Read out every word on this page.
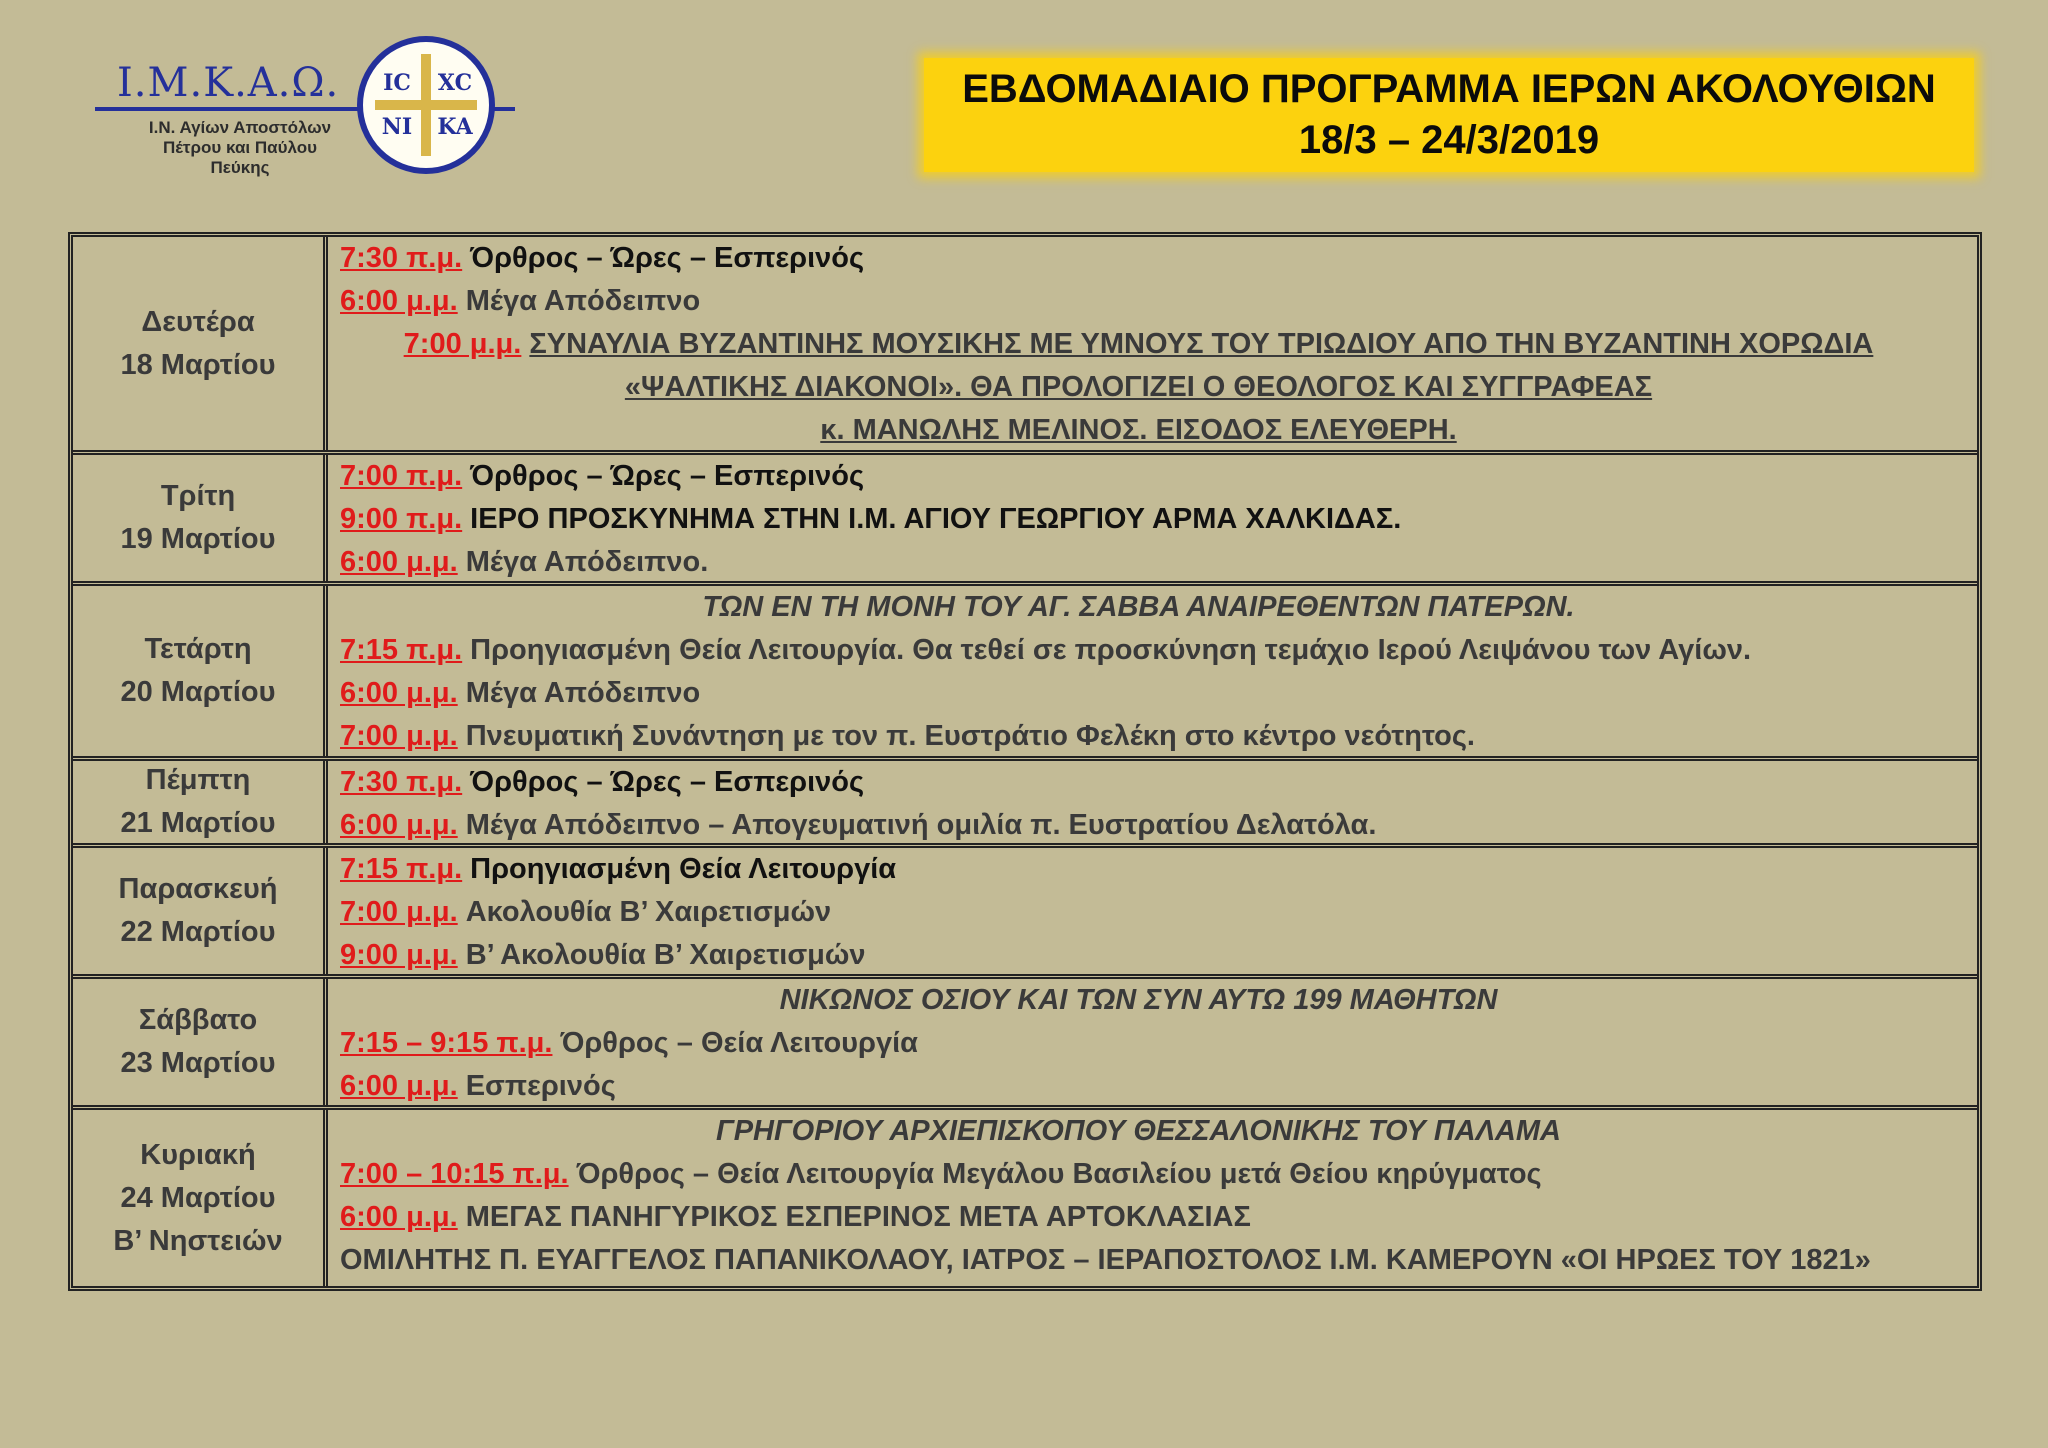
Ι.Μ.Κ.Α.Ω.
Ι.Ν. Αγίων Αποστόλων
Πέτρου και Παύλου
Πεύκης
IC XC
NI KA
ΕΒΔΟΜΑΔΙΑΙΟ ΠΡΟΓΡΑΜΜΑ ΙΕΡΩΝ ΑΚΟΛΟΥΘΙΩΝ
18/3 – 24/3/2019
Δευτέρα
18 Μαρτίου
7:30 π.μ. Όρθρος – Ώρες – Εσπερινός
6:00 μ.μ. Μέγα Απόδειπνο
7:00 μ.μ. ΣΥΝΑΥΛΙΑ ΒΥΖΑΝΤΙΝΗΣ ΜΟΥΣΙΚΗΣ ΜΕ ΥΜΝΟΥΣ ΤΟΥ ΤΡΙΩΔΙΟΥ ΑΠΟ ΤΗΝ ΒΥΖΑΝΤΙΝΗ ΧΟΡΩΔΙΑ
«ΨΑΛΤΙΚΗΣ ΔΙΑΚΟΝΟΙ». ΘΑ ΠΡΟΛΟΓΙΖΕΙ Ο ΘΕΟΛΟΓΟΣ ΚΑΙ ΣΥΓΓΡΑΦΕΑΣ
κ. ΜΑΝΩΛΗΣ ΜΕΛΙΝΟΣ. ΕΙΣΟΔΟΣ ΕΛΕΥΘΕΡΗ.
Τρίτη
19 Μαρτίου
7:00 π.μ. Όρθρος – Ώρες – Εσπερινός
9:00 π.μ. ΙΕΡΟ ΠΡΟΣΚΥΝΗΜΑ ΣΤΗΝ Ι.Μ. ΑΓΙΟΥ ΓΕΩΡΓΙΟΥ ΑΡΜΑ ΧΑΛΚΙΔΑΣ.
6:00 μ.μ. Μέγα Απόδειπνο.
Τετάρτη
20 Μαρτίου
ΤΩΝ ΕΝ ΤΗ ΜΟΝΗ ΤΟΥ ΑΓ. ΣΑΒΒΑ ΑΝΑΙΡΕΘΕΝΤΩΝ ΠΑΤΕΡΩΝ.
7:15 π.μ. Προηγιασμένη Θεία Λειτουργία. Θα τεθεί σε προσκύνηση τεμάχιο Ιερού Λειψάνου των Αγίων.
6:00 μ.μ. Μέγα Απόδειπνο
7:00 μ.μ. Πνευματική Συνάντηση με τον π. Ευστράτιο Φελέκη στο κέντρο νεότητος.
Πέμπτη
21 Μαρτίου
7:30 π.μ. Όρθρος – Ώρες – Εσπερινός
6:00 μ.μ. Μέγα Απόδειπνο – Απογευματινή ομιλία π. Ευστρατίου Δελατόλα.
Παρασκευή
22 Μαρτίου
7:15 π.μ. Προηγιασμένη Θεία Λειτουργία
7:00 μ.μ. Ακολουθία Β’ Χαιρετισμών
9:00 μ.μ. Β’ Ακολουθία Β’ Χαιρετισμών
Σάββατο
23 Μαρτίου
ΝΙΚΩΝΟΣ ΟΣΙΟΥ ΚΑΙ ΤΩΝ ΣΥΝ ΑΥΤΩ 199 ΜΑΘΗΤΩΝ
7:15 – 9:15 π.μ. Όρθρος – Θεία Λειτουργία
6:00 μ.μ. Εσπερινός
Κυριακή
24 Μαρτίου
Β’ Νηστειών
ΓΡΗΓΟΡΙΟΥ ΑΡΧΙΕΠΙΣΚΟΠΟΥ ΘΕΣΣΑΛΟΝΙΚΗΣ ΤΟΥ ΠΑΛΑΜΑ
7:00 – 10:15 π.μ. Όρθρος – Θεία Λειτουργία Μεγάλου Βασιλείου μετά Θείου κηρύγματος
6:00 μ.μ. ΜΕΓΑΣ ΠΑΝΗΓΥΡΙΚΟΣ ΕΣΠΕΡΙΝΟΣ ΜΕΤΑ ΑΡΤΟΚΛΑΣΙΑΣ
ΟΜΙΛΗΤΗΣ Π. ΕΥΑΓΓΕΛΟΣ ΠΑΠΑΝΙΚΟΛΑΟΥ, ΙΑΤΡΟΣ – ΙΕΡΑΠΟΣΤΟΛΟΣ Ι.Μ. ΚΑΜΕΡΟΥΝ «ΟΙ ΗΡΩΕΣ ΤΟΥ 1821»
